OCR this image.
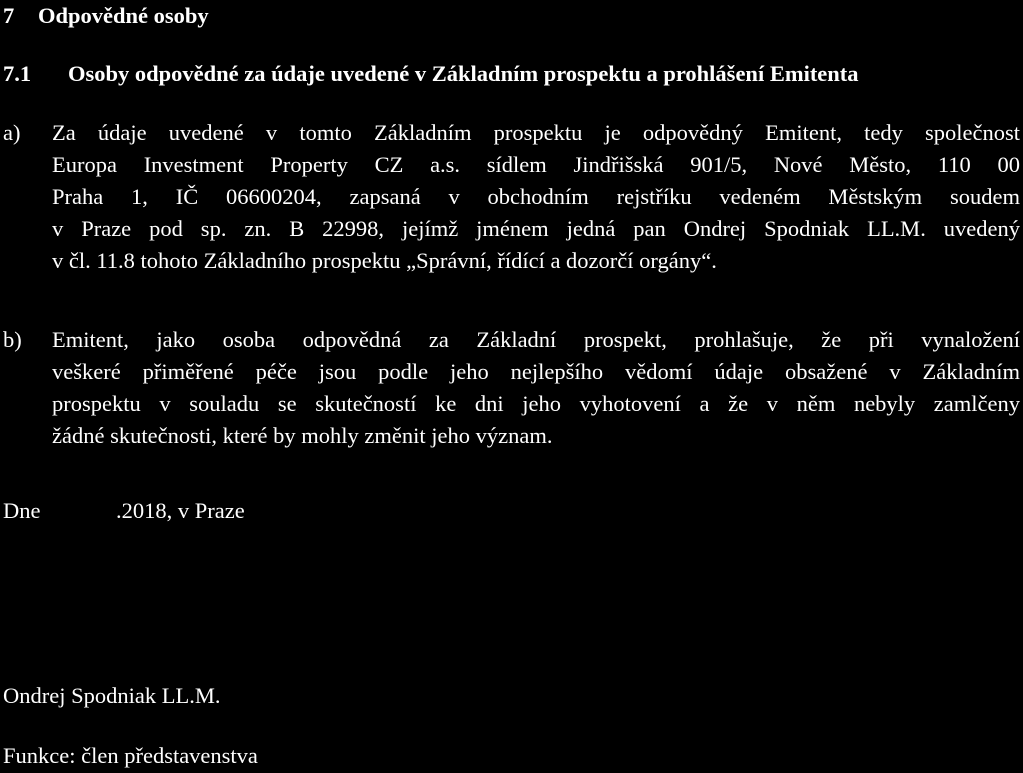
7 Odpovědné osoby
7.1 Osoby odpovědné za údaje uvedené v Základním prospektu a prohlášení Emitenta
a)	Za údaje uvedené v tomto Základním prospektu je odpovědný Emitent, tedy společnost
Europa Investment Property CZ a.s. sídlem Jindřišská 901/5, Nové Město, 110 00
Praha 1, IČ 06600204, zapsaná v obchodním rejstříku vedeném Městským soudem
v Praze pod sp. zn. B 22998, jejímž jménem jedná pan Ondrej Spodniak LL.M. uvedený
v čl. 11.8 tohoto Základního prospektu „Správní, řídící a dozorčí orgány“.
b)	Emitent, jako osoba odpovědná za Základní prospekt, prohlašuje, že při vynaložení
veškeré přiměřené péče jsou podle jeho nejlepšího vědomí údaje obsažené v Základním
prospektu v souladu se skutečností ke dni jeho vyhotovení a že v něm nebyly zamlčeny
žádné skutečnosti, které by mohly změnit jeho význam.
Dne	.2018, v Praze
Ondrej Spodniak LL.M.
Funkce: člen představenstva
